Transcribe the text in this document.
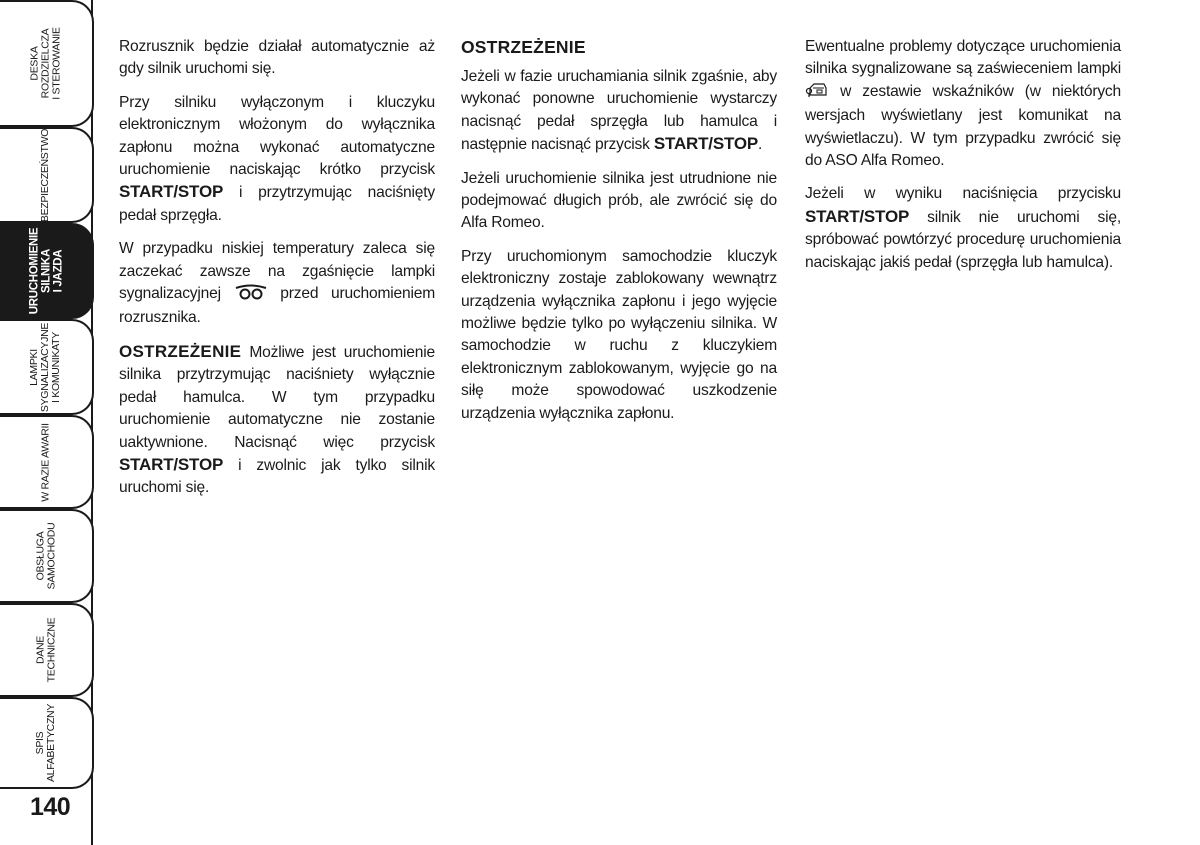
DESKA
ROZDZIELCZA
I STEROWANIE
BEZPIECZEŃSTWO
URUCHOMIENIE
SILNIKA
I JAZDA
LAMPKI
SYGNALIZACYJNE
I KOMUNIKATY
W RAZIE AWARII
OBSŁUGA
SAMOCHODU
DANE
TECHNICZNE
SPIS
ALFABETYCZNY
140

Rozrusznik będzie działał automatycznie aż gdy silnik uruchomi się.

Przy silniku wyłączonym i kluczyku elektronicznym włożonym do wyłącznika zapłonu można wykonać automatyczne uruchomienie naciskając krótko przycisk START/STOP i przytrzymując naciśnięty pedał sprzęgła.

W przypadku niskiej temperatury zaleca się zaczekać zawsze na zgaśnięcie lampki sygnalizacyjnej  przed uruchomieniem rozrusznika.

OSTRZEŻENIE Możliwe jest uruchomienie silnika przytrzymując naciśniety wyłącznie pedał hamulca. W tym przypadku uruchomienie automatyczne nie zostanie uaktywnione. Nacisnąć więc przycisk START/STOP i zwolnic jak tylko silnik uruchomi się.

OSTRZEŻENIE

Jeżeli w fazie uruchamiania silnik zgaśnie, aby wykonać ponowne uruchomienie wystarczy nacisnąć pedał sprzęgła lub hamulca i następnie nacisnąć przycisk START/STOP.

Jeżeli uruchomienie silnika jest utrudnione nie podejmować długich prób, ale zwrócić się do Alfa Romeo.

Przy uruchomionym samochodzie kluczyk elektroniczny zostaje zablokowany wewnątrz urządzenia wyłącznika zapłonu i jego wyjęcie możliwe będzie tylko po wyłączeniu silnika. W samochodzie w ruchu z kluczykiem elektronicznym zablokowanym, wyjęcie go na siłę może spowodować uszkodzenie urządzenia wyłącznika zapłonu.

Ewentualne problemy dotyczące uruchomienia silnika sygnalizowane są zaświeceniem lampki  w zestawie wskaźników (w niektórych wersjach wyświetlany jest komunikat na wyświetlaczu). W tym przypadku zwrócić się do ASO Alfa Romeo.

Jeżeli w wyniku naciśnięcia przycisku START/STOP silnik nie uruchomi się, spróbować powtórzyć procedurę uruchomienia naciskając jakiś pedał (sprzęgła lub hamulca).
